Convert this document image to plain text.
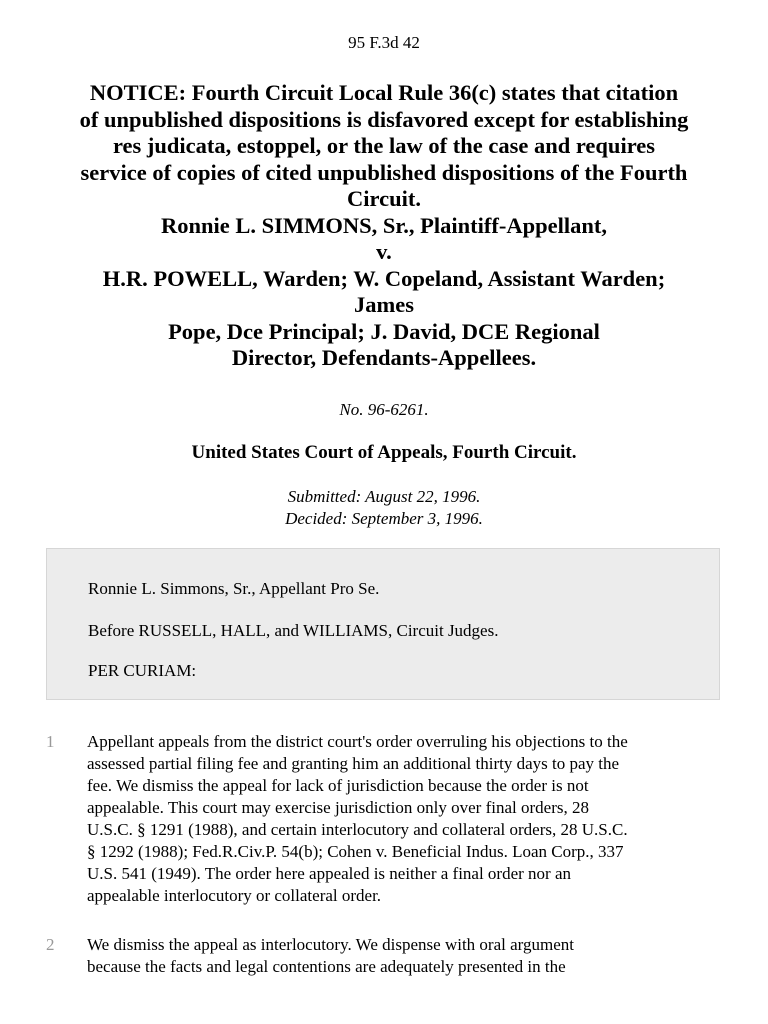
95 F.3d 42
NOTICE: Fourth Circuit Local Rule 36(c) states that citation
of unpublished dispositions is disfavored except for establishing
res judicata, estoppel, or the law of the case and requires
service of copies of cited unpublished dispositions of the Fourth
Circuit.
Ronnie L. SIMMONS, Sr., Plaintiff-Appellant,
v.
H.R. POWELL, Warden; W. Copeland, Assistant Warden;
James
Pope, Dce Principal; J. David, DCE Regional
Director, Defendants-Appellees.
No. 96-6261.
United States Court of Appeals, Fourth Circuit.
Submitted: August 22, 1996.
Decided: September 3, 1996.

Ronnie L. Simmons, Sr., Appellant Pro Se.

Before RUSSELL, HALL, and WILLIAMS, Circuit Judges.

PER CURIAM:

1	Appellant appeals from the district court's order overruling his objections to the
assessed partial filing fee and granting him an additional thirty days to pay the
fee. We dismiss the appeal for lack of jurisdiction because the order is not
appealable. This court may exercise jurisdiction only over final orders, 28
U.S.C. § 1291 (1988), and certain interlocutory and collateral orders, 28 U.S.C.
§ 1292 (1988); Fed.R.Civ.P. 54(b); Cohen v. Beneficial Indus. Loan Corp., 337
U.S. 541 (1949). The order here appealed is neither a final order nor an
appealable interlocutory or collateral order.
2	We dismiss the appeal as interlocutory. We dispense with oral argument
because the facts and legal contentions are adequately presented in the
